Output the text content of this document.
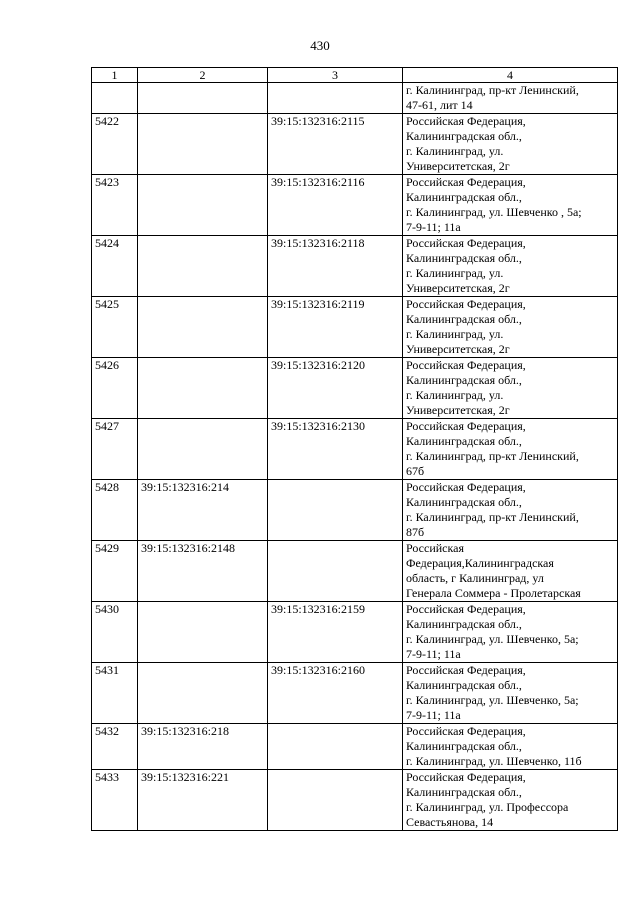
430
1	2	3	4

			г. Калининград, пр-кт Ленинский,
47-61, лит 14

5422		39:15:132316:2115	Российская Федерация,
Калининградская обл.,
г. Калининград, ул.
Университетская, 2г

5423		39:15:132316:2116	Российская Федерация,
Калининградская обл.,
г. Калининград, ул. Шевченко , 5а;
7-9-11; 11а

5424		39:15:132316:2118	Российская Федерация,
Калининградская обл.,
г. Калининград, ул.
Университетская, 2г

5425		39:15:132316:2119	Российская Федерация,
Калининградская обл.,
г. Калининград, ул.
Университетская, 2г

5426		39:15:132316:2120	Российская Федерация,
Калининградская обл.,
г. Калининград, ул.
Университетская, 2г

5427		39:15:132316:2130	Российская Федерация,
Калининградская обл.,
г. Калининград, пр-кт Ленинский,
67б

5428	39:15:132316:214		Российская Федерация,
Калининградская обл.,
г. Калининград, пр-кт Ленинский,
87б

5429	39:15:132316:2148		Российская
Федерация,Калининградская
область, г Калининград, ул
Генерала Соммера - Пролетарская

5430		39:15:132316:2159	Российская Федерация,
Калининградская обл.,
г. Калининград, ул. Шевченко, 5а;
7-9-11; 11а

5431		39:15:132316:2160	Российская Федерация,
Калининградская обл.,
г. Калининград, ул. Шевченко, 5а;
7-9-11; 11а

5432	39:15:132316:218		Российская Федерация,
Калининградская обл.,
г. Калининград, ул. Шевченко, 11б

5433	39:15:132316:221		Российская Федерация,
Калининградская обл.,
г. Калининград, ул. Профессора
Севастьянова, 14
